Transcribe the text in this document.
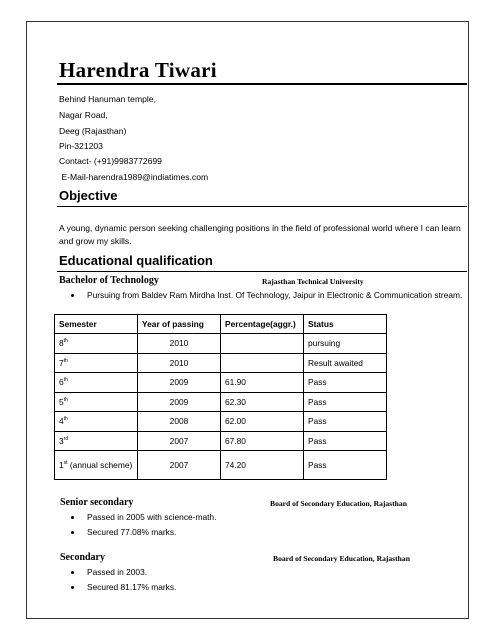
Harendra Tiwari
Behind Hanuman temple,
Nagar Road,
Deeg (Rajasthan)
Pin-321203
Contact- (+91)9983772699
E-Mail-harendra1989@indiatimes.com
Objective
A young, dynamic person seeking challenging positions in the field of professional world where I can learn and grow my skills.
Educational qualification
Bachelor of Technology	Rajasthan Technical University
Pursuing from Baldev Ram Mirdha Inst. Of Technology, Jaipur in Electronic & Communication stream.
Semester	Year of passing	Percentage(aggr.)	Status
8th	2010		pursuing
7th	2010		Result awaited
6th	2009	61.90	Pass
5th	2009	62.30	Pass
4th	2008	62.00	Pass
3rd	2007	67.80	Pass
1st (annual scheme)	2007	74.20	Pass
Senior secondary	Board of Secondary Education, Rajasthan
Passed in 2005 with science-math.
Secured 77.08% marks.
Secondary	Board of Secondary Education, Rajasthan
Passed in 2003.
Secured 81.17% marks.
